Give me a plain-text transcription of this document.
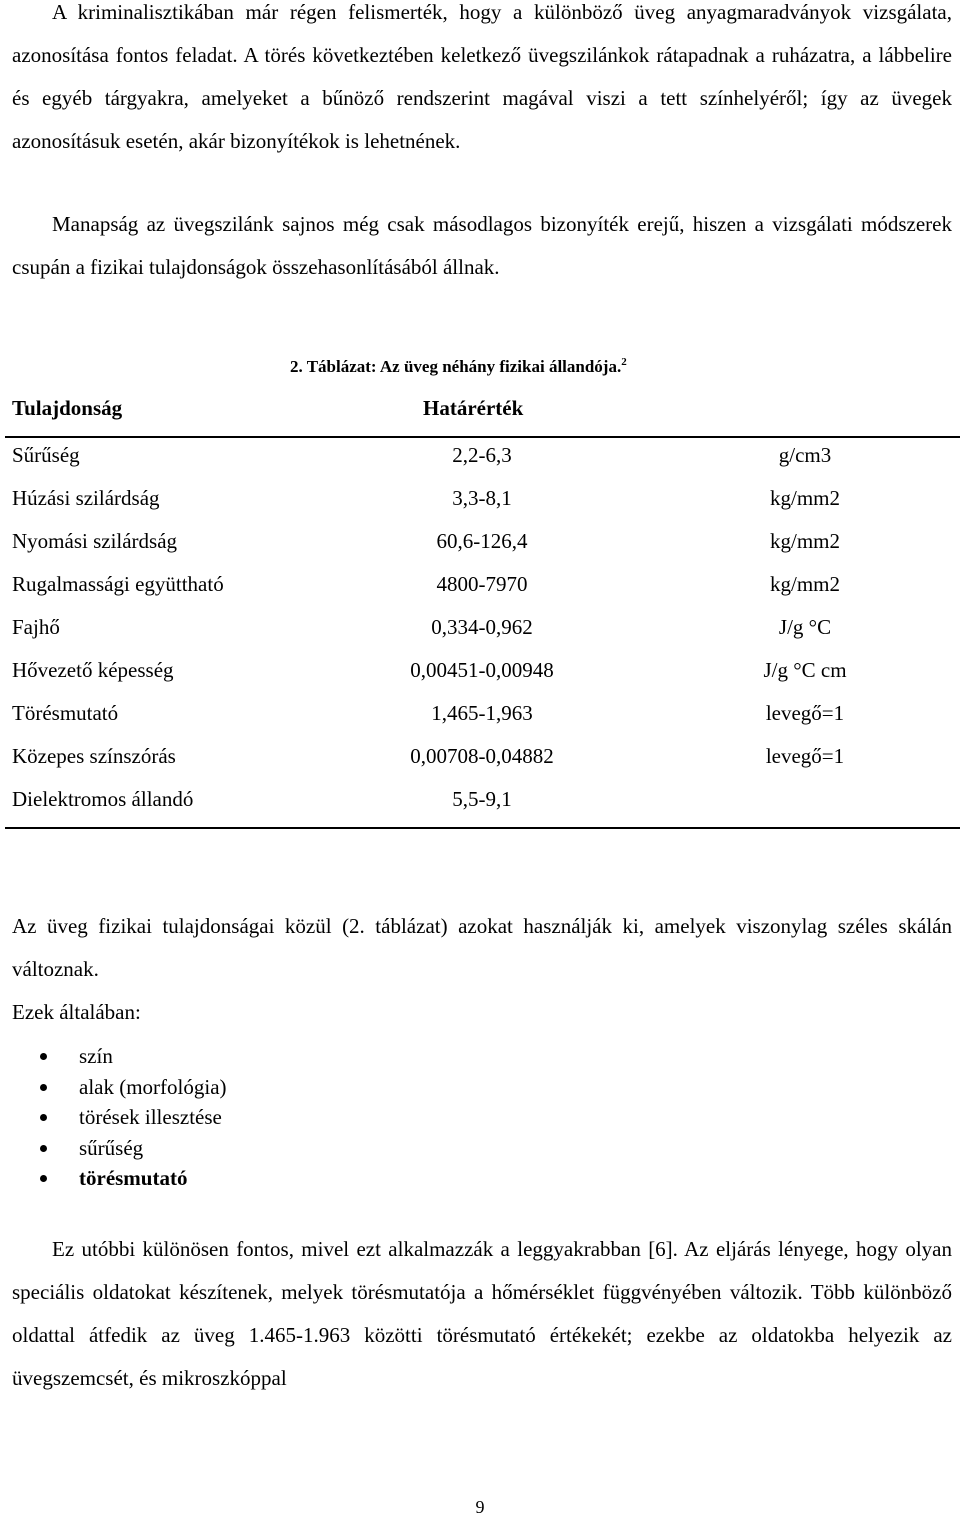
A kriminalisztikában már régen felismerték, hogy a különböző üveg anyagmaradványok vizsgálata, azonosítása fontos feladat. A törés következtében keletkező üvegszilánkok rátapadnak a ruházatra, a lábbelire és egyéb tárgyakra, amelyeket a bűnöző rendszerint magával viszi a tett színhelyéről; így az üvegek azonosításuk esetén, akár bizonyítékok is lehetnének.

Manapság az üvegszilánk sajnos még csak másodlagos bizonyíték erejű, hiszen a vizsgálati módszerek csupán a fizikai tulajdonságok összehasonlításából állnak.

2. Táblázat: Az üveg néhány fizikai állandója.$^2$
Tulajdonság	Határérték
Sűrűség	2,2-6,3	g/cm3
Húzási szilárdság	3,3-8,1	kg/mm2
Nyomási szilárdság	60,6-126,4	kg/mm2
Rugalmassági együttható	4800-7970	kg/mm2
Fajhő	0,334-0,962	J/g °C
Hővezető képesség	0,00451-0,00948	J/g °C cm
Törésmutató	1,465-1,963	levegő=1
Közepes színszórás	0,00708-0,04882	levegő=1
Dielektromos állandó	5,5-9,1

Az üveg fizikai tulajdonságai közül (2. táblázat) azokat használják ki, amelyek viszonylag széles skálán változnak.

Ezek általában:

szín
alak (morfológia)
törések illesztése
sűrűség
törésmutató

Ez utóbbi különösen fontos, mivel ezt alkalmazzák a leggyakrabban [6]. Az eljárás lényege, hogy olyan speciális oldatokat készítenek, melyek törésmutatója a hőmérséklet függvényében változik. Több különböző oldattal átfedik az üveg 1.465-1.963 közötti törésmutató értékekét; ezekbe az oldatokba helyezik az üvegszemcsét, és mikroszkóppal

9
